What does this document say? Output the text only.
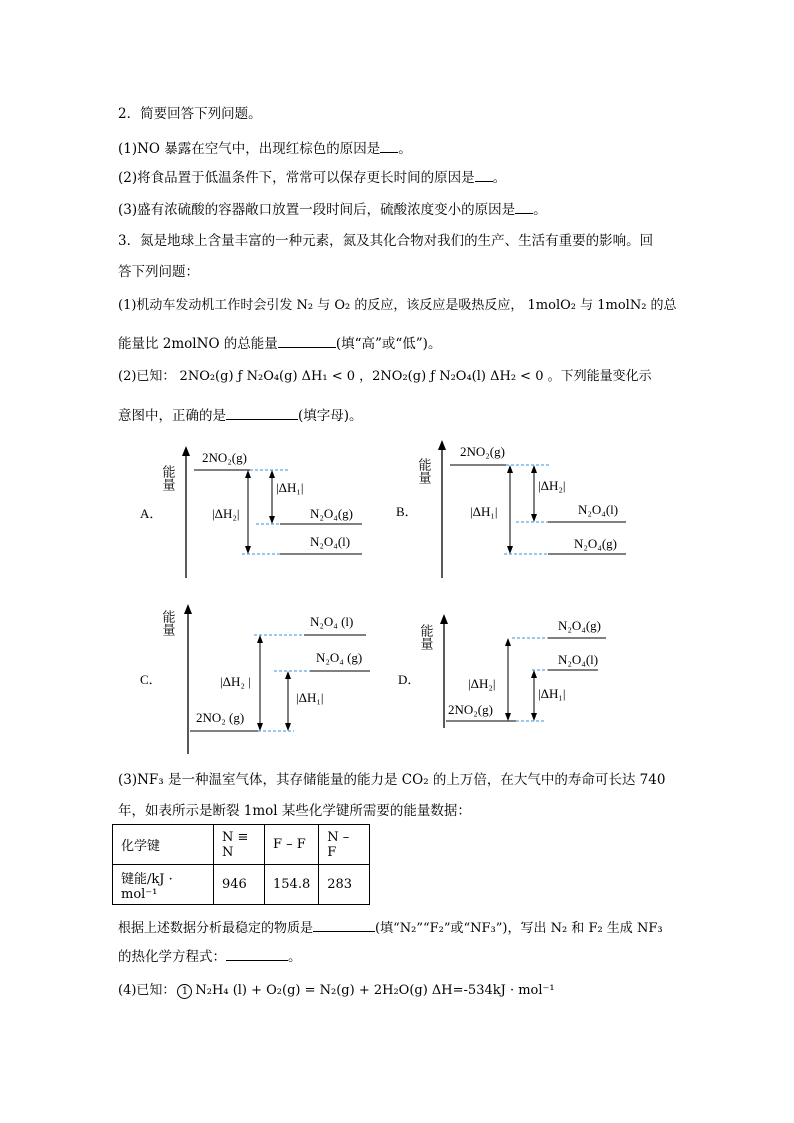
2．简要回答下列问题。
(1)NO 暴露在空气中，出现红棕色的原因是 。
(2)将食品置于低温条件下，常常可以保存更长时间的原因是 。
(3)盛有浓硫酸的容器敞口放置一段时间后，硫酸浓度变小的原因是 。
3．氮是地球上含量丰富的一种元素，氮及其化合物对我们的生产、生活有重要的影响。回
答下列问题：
(1)机动车发动机工作时会引发 N₂ 与 O₂ 的反应，该反应是吸热反应， 1molO₂ 与 1molN₂ 的总
能量比 2molNO 的总能量	(填“高”或“低”)。
(2)已知： 2NO₂(g) ƒ N₂O₄(g) ΔH₁ < 0 ，2NO₂(g) ƒ N₂O₄(l) ΔH₂ < 0 。下列能量变化示
意图中，正确的是	(填字母)。
A．
能量
2NO₂(g)
N₂O₄(g)
N₂O₄(l)
|ΔH₂|
|ΔH₁|
B．
能量
2NO₂(g)
N₂O₄(l)
N₂O₄(g)
|ΔH₁|
|ΔH₂|
C．
能量	N₂O₄ (l)
N₂O₄ (g)
2NO₂ (g)
|ΔH₂ |
|ΔH₁|
D．
能量	N₂O₄(g)
N₂O₄(l)
2NO₂(g)
|ΔH₂|
|ΔH₁|
(3)NF₃ 是一种温室气体，其存储能量的能力是 CO₂ 的上万倍，在大气中的寿命可长达 740
年，如表所示是断裂 1mol 某些化学键所需要的能量数据：
化学键	N ≡ N	F – F	N – F
键能/kJ · mol⁻¹	946	154.8	283
根据上述数据分析最稳定的物质是	(填“N₂”“F₂”或“NF₃”)，写出 N₂ 和 F₂ 生成 NF₃
的热化学方程式：	。
(4)已知： 1 N₂H₄ (l) + O₂(g) = N₂(g) + 2H₂O(g) ΔH=-534kJ · mol⁻¹
